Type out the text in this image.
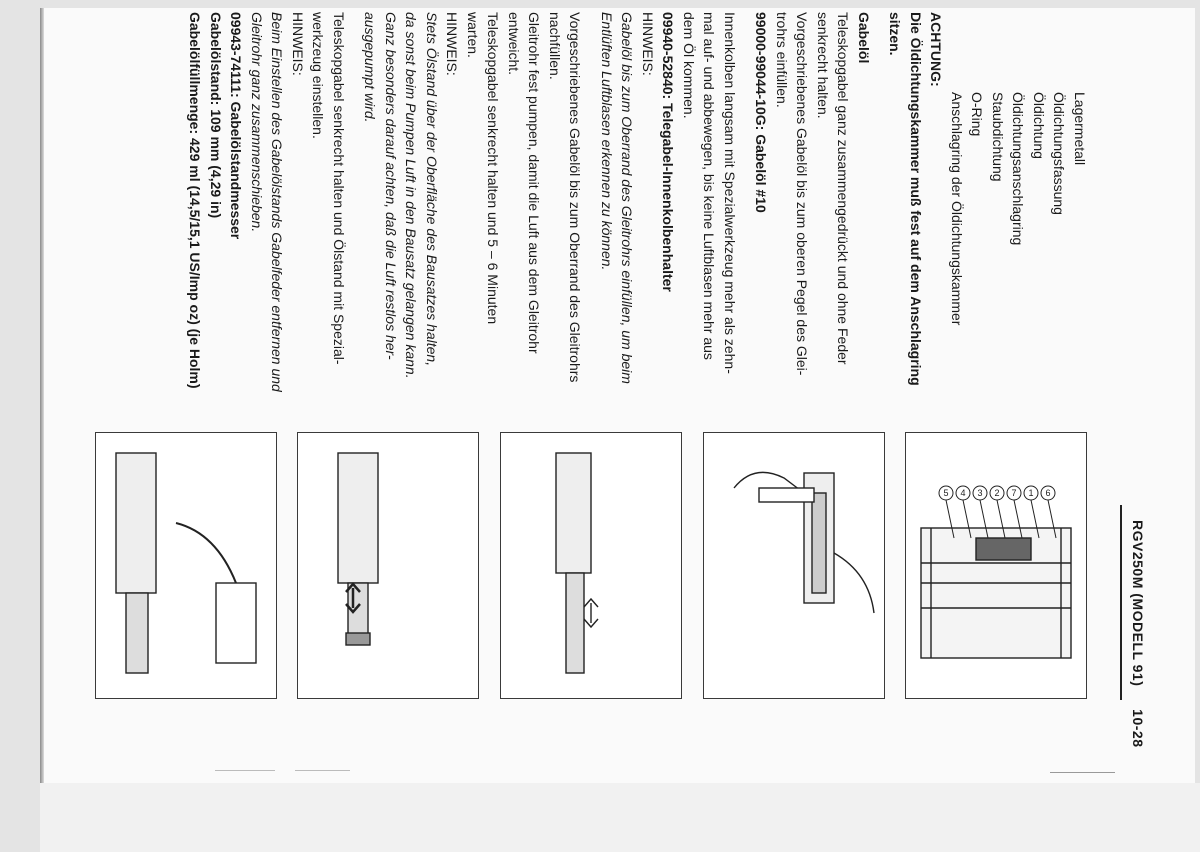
Lagermetall
Öldichtungsfassung
Öldichtung
Öldichtungsanschlagring
Staubdichtung
O-Ring
Anschlagring der Öldichtungskammer
ACHTUNG:
Die Öldichtungskammer muß fest auf dem Anschlagring
sitzen.
Gabelöl
Teleskopgabel ganz zusammengedrückt und ohne Feder
senkrecht halten.
Vorgeschriebenes Gabelöl bis zum oberen Pegel des Glei-
trohrs einfüllen.
99000-99044-10G: Gabelöl #10
Innenkolben langsam mit Spezialwerkzeug mehr als zehn-
mal auf- und abbewegen, bis keine Luftblasen mehr aus
dem Öl kommen.
09940-52840: Telegabel-Innenkolbenhalter
HINWEIS:
Gabelöl bis zum Oberrand des Gleitrohrs einfüllen, um beim
Entlüften Luftblasen erkennen zu können.
Vorgeschriebenes Gabelöl bis zum Oberrand des Gleitrohrs
nachfüllen.
Gleitrohr fest pumpen, damit die Luft aus dem Gleitrohr
entweicht.
Teleskopgabel senkrecht halten und 5 – 6 Minuten
warten.
HINWEIS:
Stets Ölstand über der Oberfläche des Bausatzes halten,
da sonst beim Pumpen Luft in den Bausatz gelangen kann.
Ganz besonders darauf achten, daß die Luft restlos her-
ausgepumpt wird.
Teleskopgabel senkrecht halten und Ölstand mit Spezial-
werkzeug einstellen.
HINWEIS:
Beim Einstellen des Gabelölstands Gabelfeder entfernen und
Gleitrohr ganz zusammenschieben.
09943-74111: Gabelölstandmesser
Gabelölstand: 109 mm (4,29 in)
Gabelölfüllmenge: 429 ml (14,5/15,1 US/Imp oz) (je Holm)
RGV250M (MODELL 91)  10-28
5 4 3 2 7 1 6
